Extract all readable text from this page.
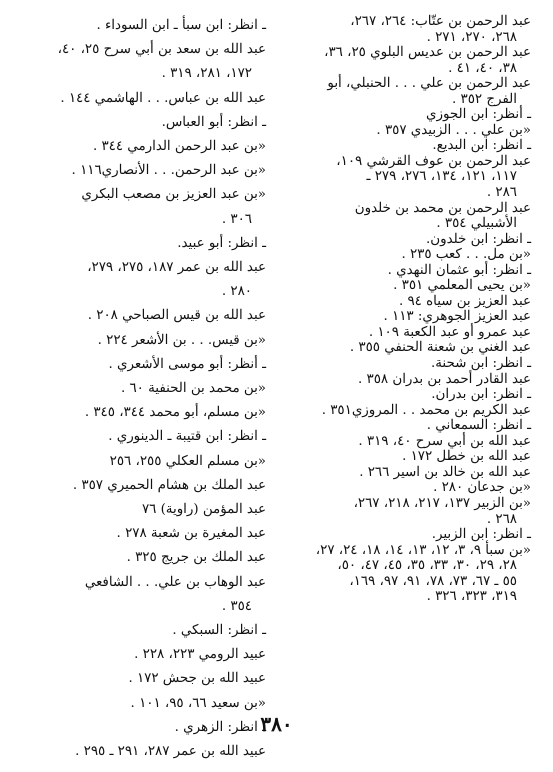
عبد الرحمن بن عتّاب: ٢٦٤، ٢٦٧،
٢٦٨، ٢٧٠، ٢٧١ .
عبد الرحمن بن عديس البلوي ٢٥، ٣٦،
٣٨، ٤٠، ٤١ .
عبد الرحمن بن علي . . . الحنبلي، أبو
الفرج ٣٥٢ .
ـ أنظر: ابن الجوزي
«بن علي . . . الزبيدي ٣٥٧ .
ـ انظر: ابن البديع.
عبد الرحمن بن عوف القرشي ١٠٩،
١١٧، ١٢١، ١٣٤، ٢٧٦، ٢٧٩ ـ
٢٨٦ .
عبد الرحمن بن محمد بن خلدون
الأشبيلي ٣٥٤ .
ـ انظر: ابن خلدون.
«بن مل. . . كعب ٢٣٥ .
ـ انظر: أبو عثمان النهدي .
«بن يحيى المعلمي ٣٥١ .
عبد العزيز بن سياه ٩٤ .
عبد العزيز الجوهري: ١١٣ .
عبد عمرو أو عبد الكعبة ١٠٩ .
عبد الغني بن شعنة الحنفي ٣٥٥ .
ـ انظر: ابن شحنة.
عبد القادر أحمد بن بدران ٣٥٨ .
ـ انظر: ابن بدران.
عبد الكريم بن محمد . . المروزي٣٥١ .
ـ انظر: السمعاني .
عبد الله بن أبي سرح ٤٠، ٣١٩ .
عبد الله بن خطل ١٧٢ .
عبد الله بن خالد بن اسير ٢٦٦ .
«بن جدعان ٢٨٠ .
«بن الزبير ١٣٧، ٢١٧، ٢١٨، ٢٦٧،
٢٦٨ .
ـ انظر: ابن الزبير.
«بن سبأ ٩، ٣، ١٢، ١٣، ١٤، ١٨، ٢٤، ٢٧،
٢٨، ٢٩، ٣٠، ٣٣، ٣٥، ٤٥، ٤٧، ٥٠،
٥٥ ـ ٦٧، ٧٣، ٧٨، ٩١، ٩٧، ١٦٩،
٣١٩، ٣٢٣، ٣٢٦ .
ـ انظر: ابن سبأ ـ ابن السوداء .
عبد الله بن سعد بن أبي سرح ٢٥، ٤٠،
١٧٢، ٢٨١، ٣١٩ .
عبد الله بن عباس. . . الهاشمي ١٤٤ .
ـ انظر: أبو العباس.
«بن عبد الرحمن الدارمي ٣٤٤ .
«بن عبد الرحمن. . . الأنصاري١١٦ .
«بن عبد العزيز بن مصعب البكري
٣٠٦ .
ـ انظر: أبو عبيد.
عبد الله بن عمر ١٨٧، ٢٧٥، ٢٧٩،
٢٨٠ .
عبد الله بن قيس الصباحي ٢٠٨ .
«بن قيس. . . بن الأشعر ٢٢٤ .
ـ أنظر: أبو موسى الأشعري .
«بن محمد بن الحنفية ٦٠ .
«بن مسلم، أبو محمد ٣٤٤، ٣٤٥ .
ـ انظر: ابن قتيبة ـ الدينوري .
«بن مسلم العكلي ٢٥٥، ٢٥٦
عبد الملك بن هشام الحميري ٣٥٧ .
عبد المؤمن (راوية) ٧٦
عبد المغيرة بن شعبة ٢٧٨ .
عبد الملك بن جريج ٣٢٥ .
عبد الوهاب بن علي. . . الشافعي
٣٥٤ .
ـ انظر: السبكي .
عبيد الرومي ٢٢٣، ٢٢٨ .
عبيد الله بن جحش ١٧٢ .
«بن سعيد ٦٦، ٩٥، ١٠١ .
ـ انظر: الزهري .
عبيد الله بن عمر ٢٨٧، ٢٩١ ـ ٢٩٥ .
٣٨٠
